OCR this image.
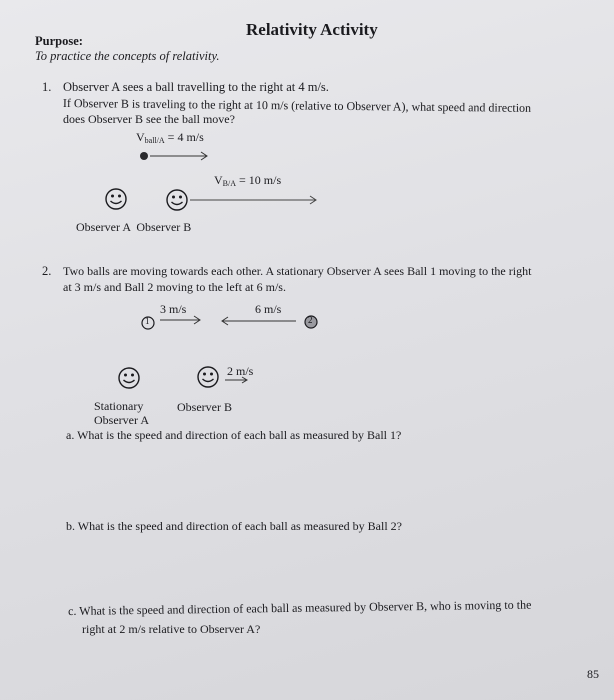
Relativity Activity
Purpose:
To practice the concepts of relativity.
1. Observer A sees a ball travelling to the right at 4 m/s.
If Observer B is traveling to the right at 10 m/s (relative to Observer A), what speed and direction
does Observer B see the ball move?
$V_{ball/A} = 4$ m/s
$V_{B/A} = 10$ m/s
Observer A  Observer B
2. Two balls are moving towards each other. A stationary Observer A sees Ball 1 moving to the right
at 3 m/s and Ball 2 moving to the left at 6 m/s.
3 m/s	6 m/s
1	2
2 m/s
Stationary	Observer B
Observer A
a. What is the speed and direction of each ball as measured by Ball 1?
b. What is the speed and direction of each ball as measured by Ball 2?
c. What is the speed and direction of each ball as measured by Observer B, who is moving to the
right at 2 m/s relative to Observer A?
85
